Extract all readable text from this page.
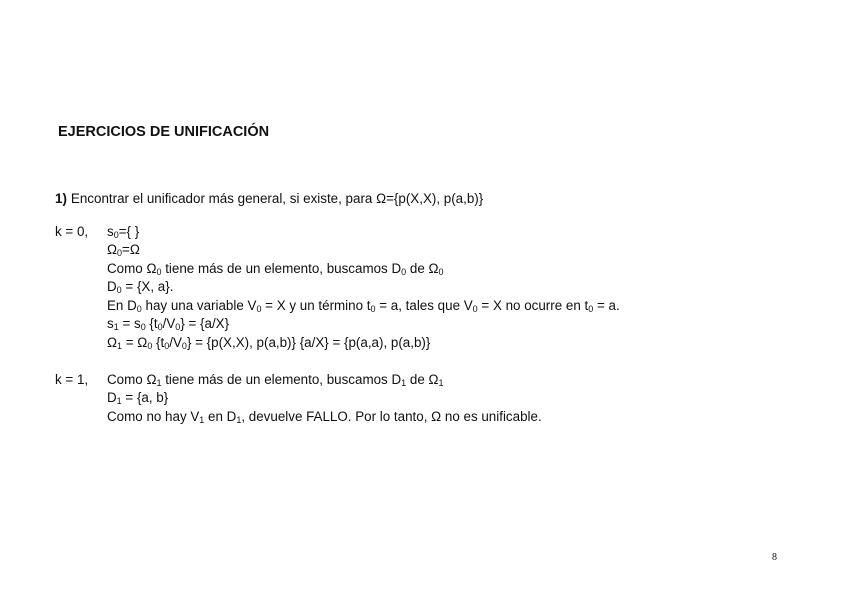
EJERCICIOS DE UNIFICACIÓN
1) Encontrar el unificador más general, si existe, para Ω={p(X,X), p(a,b)}
k = 0, $s_0=${ }
$\Omega_0=\Omega$
Como $\Omega_0$ tiene más de un elemento, buscamos $D_0$ de $\Omega_0$
$D_0 = \{X$, a}.
En $D_0$ hay una variable $V_0 = X$ y un término $t_0 = a$, tales que $V_0 = X$ no ocurre en $t_0 = a$.
$s_1 = s_0$ $\{t_0/V_0\} = \{a/X\}$
$\Omega_1 = \Omega_0$ $\{t_0/V_0\} = \{p(X,X)$, p(a,b)} {a/X} = {p(a,a), p(a,b)}
k = 1, Como $\Omega_1$ tiene más de un elemento, buscamos $D_1$ de $\Omega_1$
$D_1 = \{a$, b}
Como no hay $V_1$ en $D_1$, devuelve FALLO. Por lo tanto, Ω no es unificable.
8
